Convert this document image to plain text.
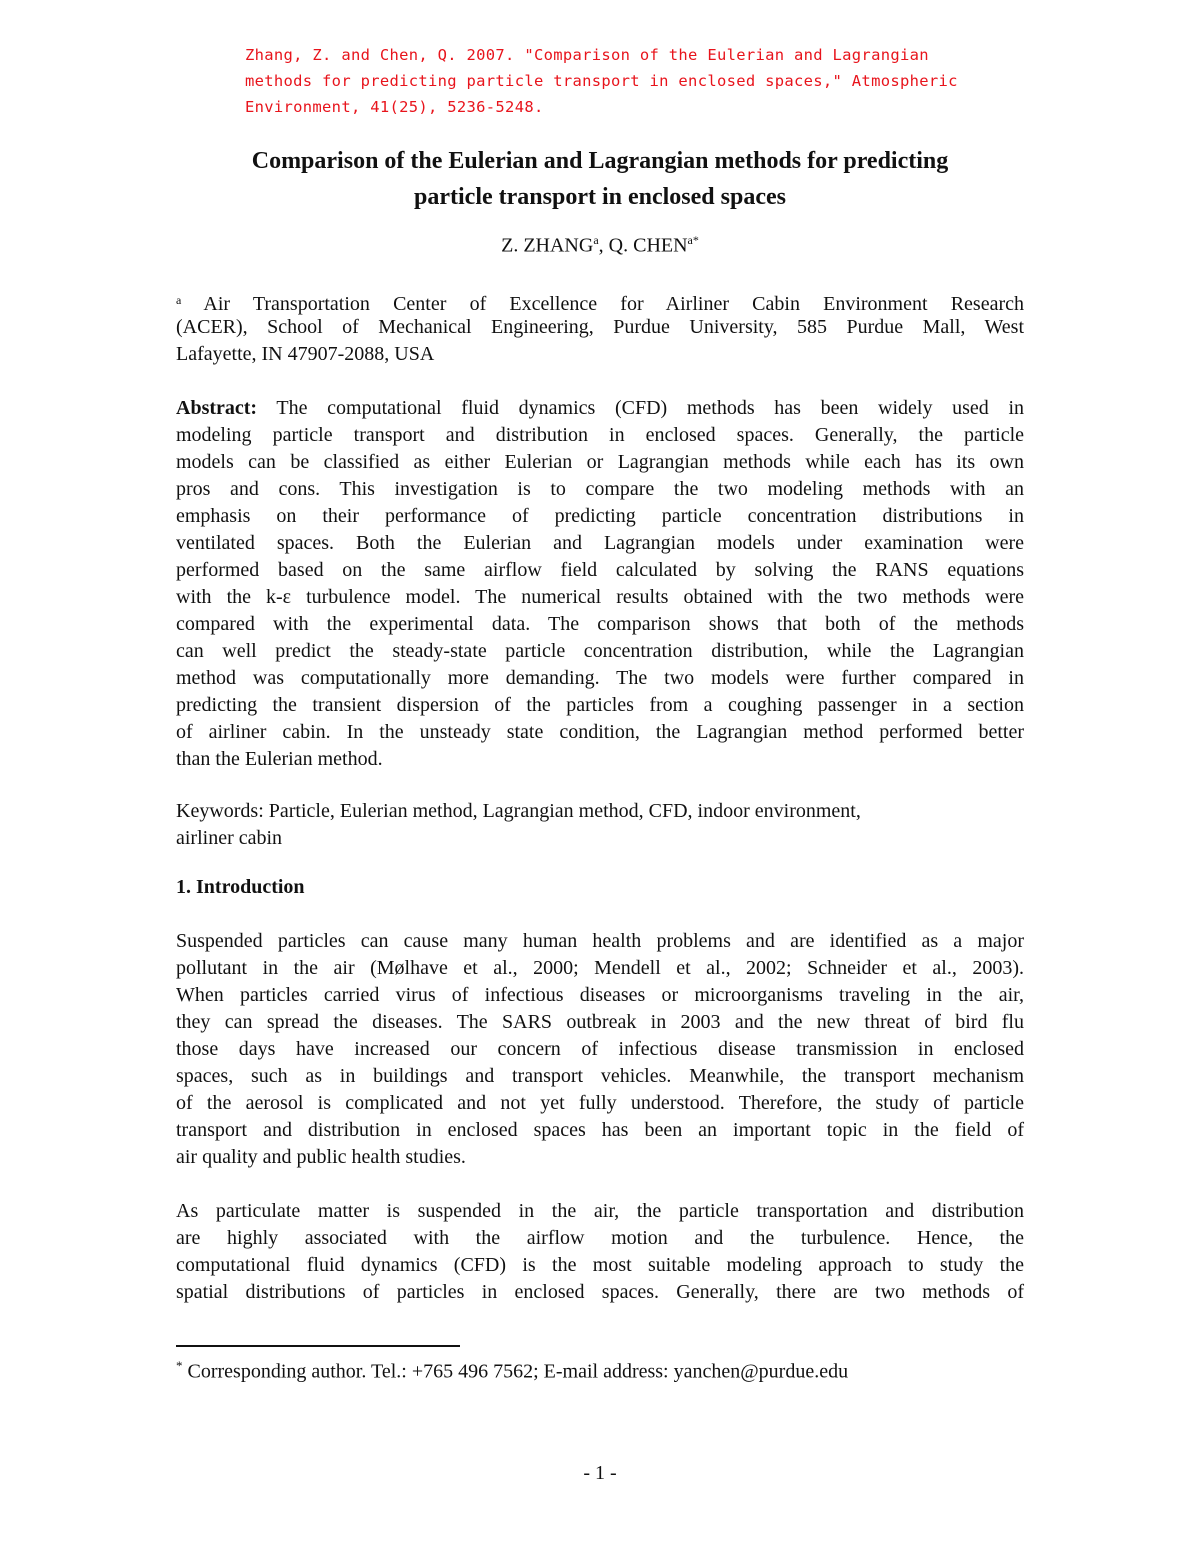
Zhang, Z. and Chen, Q. 2007. "Comparison of the Eulerian and Lagrangian
methods for predicting particle transport in enclosed spaces," Atmospheric
Environment, 41(25), 5236-5248.
Comparison of the Eulerian and Lagrangian methods for predicting
particle transport in enclosed spaces
Z. ZHANG$^a$, Q. $CHEN^{a*}$
$^a$ Air Transportation Center of Excellence for Airliner Cabin Environment Research
(ACER), School of Mechanical Engineering, Purdue University, 585 Purdue Mall, West
Lafayette, IN 47907-2088, USA
Abstract: The computational fluid dynamics (CFD) methods has been widely used in
modeling particle transport and distribution in enclosed spaces. Generally, the particle
models can be classified as either Eulerian or Lagrangian methods while each has its own
pros and cons. This investigation is to compare the two modeling methods with an
emphasis on their performance of predicting particle concentration distributions in
ventilated spaces. Both the Eulerian and Lagrangian models under examination were
performed based on the same airflow field calculated by solving the RANS equations
with the k-ε turbulence model. The numerical results obtained with the two methods were
compared with the experimental data. The comparison shows that both of the methods
can well predict the steady-state particle concentration distribution, while the Lagrangian
method was computationally more demanding. The two models were further compared in
predicting the transient dispersion of the particles from a coughing passenger in a section
of airliner cabin. In the unsteady state condition, the Lagrangian method performed better
than the Eulerian method.
Keywords: Particle, Eulerian method, Lagrangian method, CFD, indoor environment,
airliner cabin
1. Introduction
Suspended particles can cause many human health problems and are identified as a major
pollutant in the air (Mølhave et al., 2000; Mendell et al., 2002; Schneider et al., 2003).
When particles carried virus of infectious diseases or microorganisms traveling in the air,
they can spread the diseases. The SARS outbreak in 2003 and the new threat of bird flu
those days have increased our concern of infectious disease transmission in enclosed
spaces, such as in buildings and transport vehicles. Meanwhile, the transport mechanism
of the aerosol is complicated and not yet fully understood. Therefore, the study of particle
transport and distribution in enclosed spaces has been an important topic in the field of
air quality and public health studies.
As particulate matter is suspended in the air, the particle transportation and distribution
are highly associated with the airflow motion and the turbulence. Hence, the
computational fluid dynamics (CFD) is the most suitable modeling approach to study the
spatial distributions of particles in enclosed spaces. Generally, there are two methods of
* Corresponding author. Tel.: +765 496 7562; E-mail address: yanchen@purdue.edu
- 1 -
